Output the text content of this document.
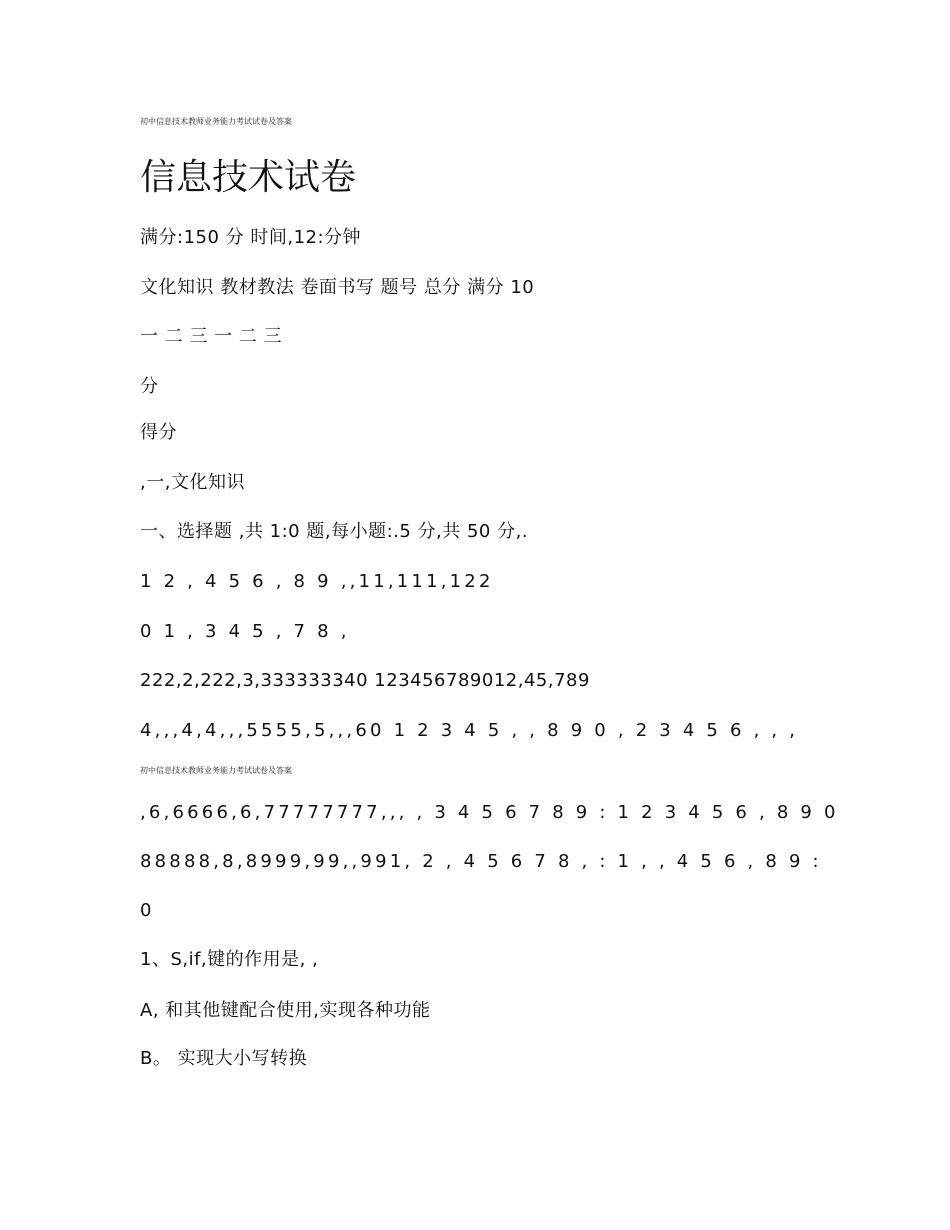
初中信息技术教师业务能力考试试卷及答案
信息技术试卷
满分:150 分 时间,12:分钟
文化知识 教材教法 卷面书写 题号 总分 满分 10
一 二 三 一 二 三
分
得分
,一,文化知识
一、选择题 ,共 1:0 题,每小题:.5 分,共 50 分,.
1 2 , 4 5 6 , 8 9 ,,11,111,122
0 1 , 3 4 5 , 7 8 ,
222,2,222,3,333333340 123456789012,45,789
4,,,4,4,,,5555,5,,,60 1 2 3 4 5 , , 8 9 0 , 2 3 4 5 6 , , ,
初中信息技术教师业务能力考试试卷及答案
,6,6666,6,77777777,,, , 3 4 5 6 7 8 9 : 1 2 3 4 5 6 , 8 9 0
88888,8,8999,99,,991, 2 , 4 5 6 7 8 , : 1 , , 4 5 6 , 8 9 :
0
1、S,if,键的作用是, ,
A, 和其他键配合使用,实现各种功能
B。 实现大小写转换
